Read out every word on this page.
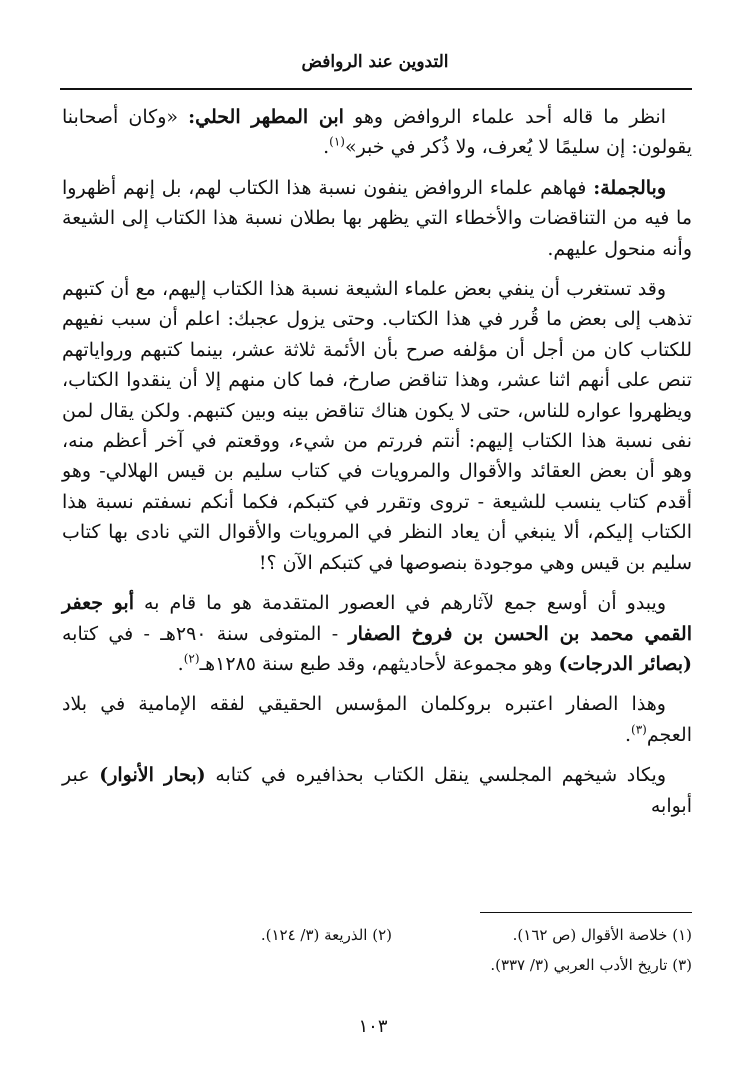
التدوين عند الروافض

انظر ما قاله أحد علماء الروافض وهو ابن المطهر الحلي: «وكان أصحابنا يقولون: إن سليمًا لا يُعرف، ولا ذُكر في خبر»$^{(١)}$.

وبالجملة: فهاهم علماء الروافض ينفون نسبة هذا الكتاب لهم، بل إنهم أظهروا ما فيه من التناقضات والأخطاء التي يظهر بها بطلان نسبة هذا الكتاب إلى الشيعة وأنه منحول عليهم.

وقد تستغرب أن ينفي بعض علماء الشيعة نسبة هذا الكتاب إليهم، مع أن كتبهم تذهب إلى بعض ما قُرر في هذا الكتاب. وحتى يزول عجبك: اعلم أن سبب نفيهم للكتاب كان من أجل أن مؤلفه صرح بأن الأئمة ثلاثة عشر، بينما كتبهم ورواياتهم تنص على أنهم اثنا عشر، وهذا تناقض صارخ، فما كان منهم إلا أن ينقدوا الكتاب، ويظهروا عواره للناس، حتى لا يكون هناك تناقض بينه وبين كتبهم. ولكن يقال لمن نفى نسبة هذا الكتاب إليهم: أنتم فررتم من شيء، ووقعتم في آخر أعظم منه، وهو أن بعض العقائد والأقوال والمرويات في كتاب سليم بن قيس الهلالي- وهو أقدم كتاب ينسب للشيعة - تروى وتقرر في كتبكم، فكما أنكم نسفتم نسبة هذا الكتاب إليكم، ألا ينبغي أن يعاد النظر في المرويات والأقوال التي نادى بها كتاب سليم بن قيس وهي موجودة بنصوصها في كتبكم الآن ؟!

ويبدو أن أوسع جمع لآثارهم في العصور المتقدمة هو ما قام به أبو جعفر القمي محمد بن الحسن بن فروخ الصفار - المتوفى سنة ٢٩٠هـ - في كتابه (بصائر الدرجات) وهو مجموعة لأحاديثهم، وقد طبع سنة ١٢٨٥هـ$^{(٢)}$.

وهذا الصفار اعتبره بروكلمان المؤسس الحقيقي لفقه الإمامية في بلاد العجم$^{(٣)}$.

ويكاد شيخهم المجلسي ينقل الكتاب بحذافيره في كتابه (بحار الأنوار) عبر أبوابه

(١) خلاصة الأقوال (ص ١٦٢).
(٢) الذريعة (٣/ ١٢٤).
(٣) تاريخ الأدب العربي (٣/ ٣٣٧).
١٠٣
